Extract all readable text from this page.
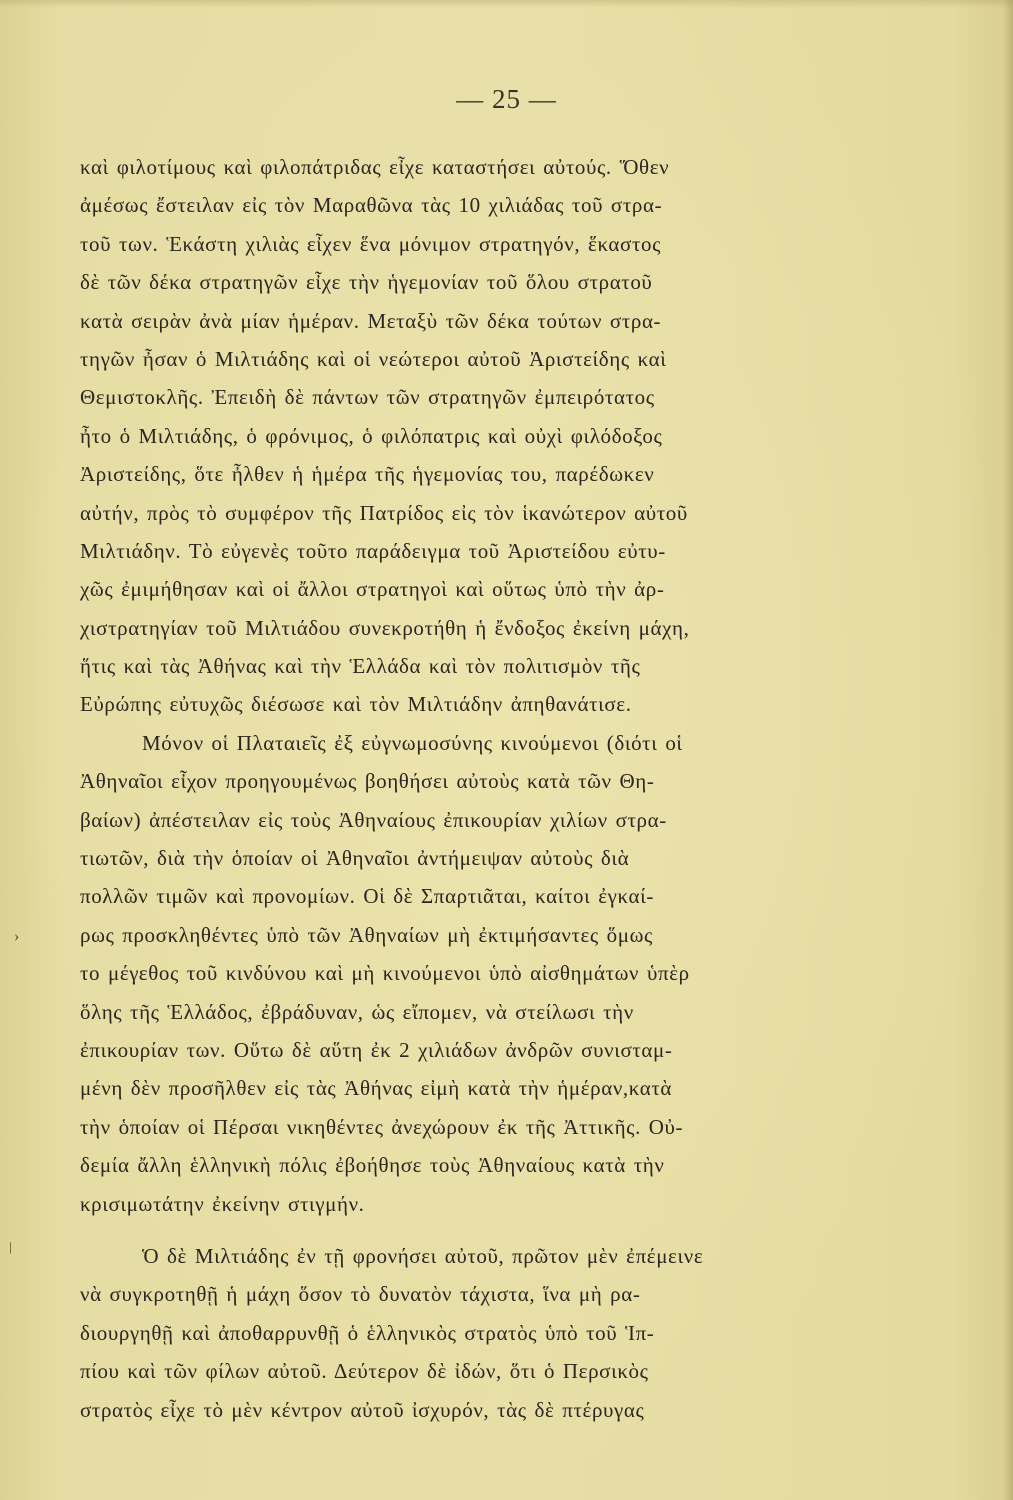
— 25 —
›
\
καὶ φιλοτίμους καὶ φιλοπάτριδας εἶχε καταστήσει αὐτούς. Ὅθεν
ἀμέσως ἔστειλαν εἰς τὸν Μαραθῶνα τὰς 10 χιλιάδας τοῦ στρα-
τοῦ των. Ἑκάστη χιλιὰς εἶχεν ἕνα μόνιμον στρατηγόν, ἕκαστος
δὲ τῶν δέκα στρατηγῶν εἶχε τὴν ἡγεμονίαν τοῦ ὅλου στρατοῦ
κατὰ σειρὰν ἀνὰ μίαν ἡμέραν. Μεταξὺ τῶν δέκα τούτων στρα-
τηγῶν ἦσαν ὁ Μιλτιάδης καὶ οἱ νεώτεροι αὐτοῦ Ἀριστείδης καὶ
Θεμιστοκλῆς. Ἐπειδὴ δὲ πάντων τῶν στρατηγῶν ἐμπειρότατος
ἦτο ὁ Μιλτιάδης, ὁ φρόνιμος, ὁ φιλόπατρις καὶ οὐχὶ φιλόδοξος
Ἀριστείδης, ὅτε ἦλθεν ἡ ἡμέρα τῆς ἡγεμονίας του, παρέδωκεν
αὐτήν, πρὸς τὸ συμφέρον τῆς Πατρίδος εἰς τὸν ἱκανώτερον αὐτοῦ
Μιλτιάδην. Τὸ εὐγενὲς τοῦτο παράδειγμα τοῦ Ἀριστείδου εὐτυ-
χῶς ἐμιμήθησαν καὶ οἱ ἄλλοι στρατηγοὶ καὶ οὕτως ὑπὸ τὴν ἀρ-
χιστρατηγίαν τοῦ Μιλτιάδου συνεκροτήθη ἡ ἔνδοξος ἐκείνη μάχη,
ἥτις καὶ τὰς Ἀθήνας καὶ τὴν Ἑλλάδα καὶ τὸν πολιτισμὸν τῆς
Εὐρώπης εὐτυχῶς διέσωσε καὶ τὸν Μιλτιάδην ἀπηθανάτισε.
Μόνον οἱ Πλαταιεῖς ἐξ εὐγνωμοσύνης κινούμενοι (διότι οἱ
Ἀθηναῖοι εἶχον προηγουμένως βοηθήσει αὐτοὺς κατὰ τῶν Θη-
βαίων) ἀπέστειλαν εἰς τοὺς Ἀθηναίους ἐπικουρίαν χιλίων στρα-
τιωτῶν, διὰ τὴν ὁποίαν οἱ Ἀθηναῖοι ἀντήμειψαν αὐτοὺς διὰ
πολλῶν τιμῶν καὶ προνομίων. Οἱ δὲ Σπαρτιᾶται, καίτοι ἐγκαί-
ρως προσκληθέντες ὑπὸ τῶν Ἀθηναίων μὴ ἐκτιμήσαντες ὅμως
το μέγεθος τοῦ κινδύνου καὶ μὴ κινούμενοι ὑπὸ αἰσθημάτων ὑπὲρ
ὅλης τῆς Ἑλλάδος, ἐβράδυναν, ὡς εἴπομεν, νὰ στείλωσι τὴν
ἐπικουρίαν των. Οὕτω δὲ αὕτη ἐκ 2 χιλιάδων ἀνδρῶν συνισταμ-
μένη δὲν προσῆλθεν εἰς τὰς Ἀθήνας εἰμὴ κατὰ τὴν ἡμέραν,κατὰ
τὴν ὁποίαν οἱ Πέρσαι νικηθέντες ἀνεχώρουν ἐκ τῆς Ἀττικῆς. Οὐ-
δεμία ἄλλη ἑλληνικὴ πόλις ἐβοήθησε τοὺς Ἀθηναίους κατὰ τὴν
κρισιμωτάτην ἐκείνην στιγμήν.
Ὁ δὲ Μιλτιάδης ἐν τῇ φρονήσει αὐτοῦ, πρῶτον μὲν ἐπέμεινε
νὰ συγκροτηθῇ ἡ μάχη ὅσον τὸ δυνατὸν τάχιστα, ἵνα μὴ ρα-
διουργηθῇ καὶ ἀποθαρρυνθῇ ὁ ἑλληνικὸς στρατὸς ὑπὸ τοῦ Ἱπ-
πίου καὶ τῶν φίλων αὐτοῦ. Δεύτερον δὲ ἰδών, ὅτι ὁ Περσικὸς
στρατὸς εἶχε τὸ μὲν κέντρον αὐτοῦ ἰσχυρόν, τὰς δὲ πτέρυγας
